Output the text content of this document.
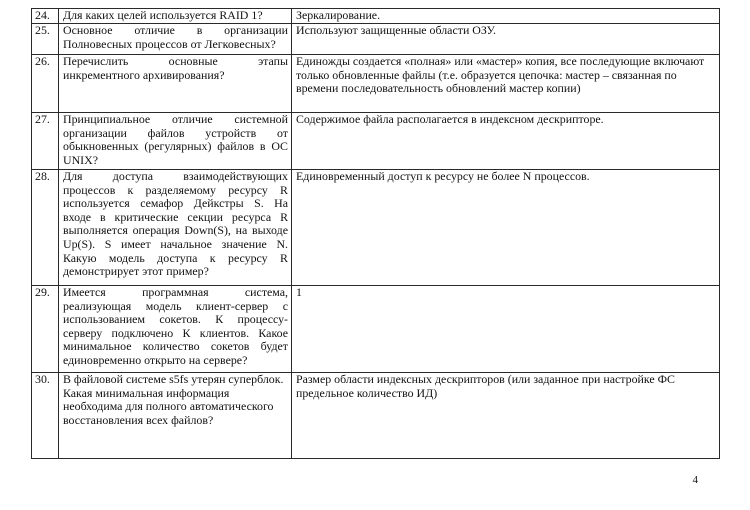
24.	Для каких целей используется RAID 1?	Зеркалирование.
25.	Основное отличие в организации Полновесных процессов от Легковесных?	Используют защищенные области ОЗУ.
26.	Перечислить основные этапы инкрементного архивирования?	Единожды создается «полная» или «мастер» копия, все последующие включают только обновленные файлы (т.е. образуется цепочка: мастер – связанная по времени последовательность обновлений мастер копии)
27.	Принципиальное отличие системной организации файлов устройств от обыкновенных (регулярных) файлов в ОС UNIX?	Содержимое файла располагается в индексном дескрипторе.
28.	Для доступа взаимодействующих процессов к разделяемому ресурсу R используется семафор Дейкстры S. На входе в критические секции ресурса R выполняется операция Down(S), на выходе Up(S). S имеет начальное значение N. Какую модель доступа к ресурсу R демонстрирует этот пример?	Единовременный доступ к ресурсу не более N процессов.
29.	Имеется программная система, реализующая модель клиент-сервер с использованием сокетов. К процессу-серверу подключено К клиентов. Какое минимальное количество сокетов будет единовременно открыто на сервере?	1
30.	В файловой системе s5fs утерян суперблок. Какая минимальная информация необходима для полного автоматического восстановления всех файлов?	Размер области индексных дескрипторов (или заданное при настройке ФС предельное количество ИД)
4
